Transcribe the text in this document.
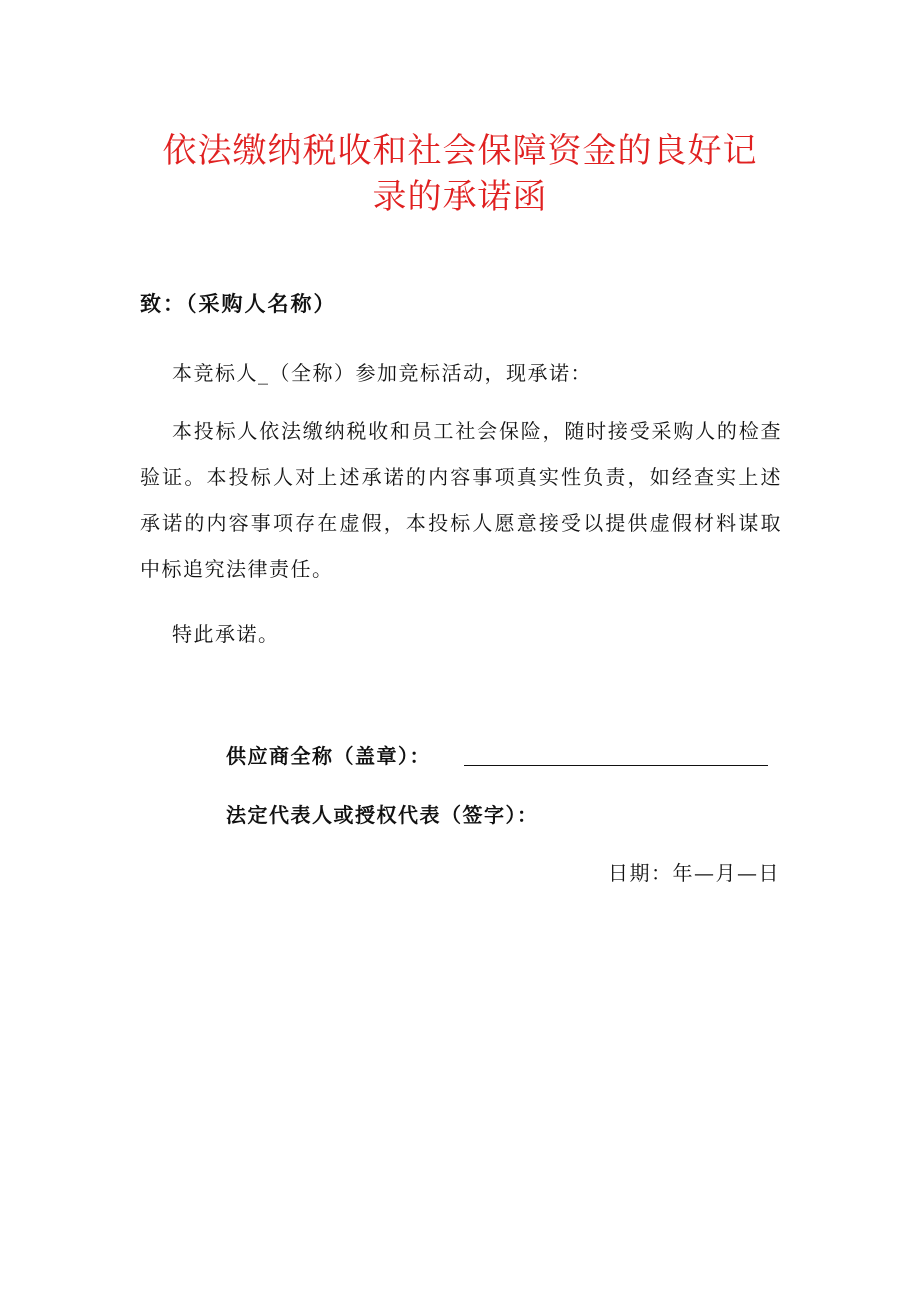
依法缴纳税收和社会保障资金的良好记
录的承诺函
致：（采购人名称）
本竞标人_（全称）参加竞标活动，现承诺：
本投标人依法缴纳税收和员工社会保险，随时接受采购人的检查验证。本投标人对上述承诺的内容事项真实性负责，如经查实上述承诺的内容事项存在虚假，本投标人愿意接受以提供虚假材料谋取中标追究法律责任。
特此承诺。
供应商全称（盖章）：
法定代表人或授权代表（签字）：
日期：年—月—日
